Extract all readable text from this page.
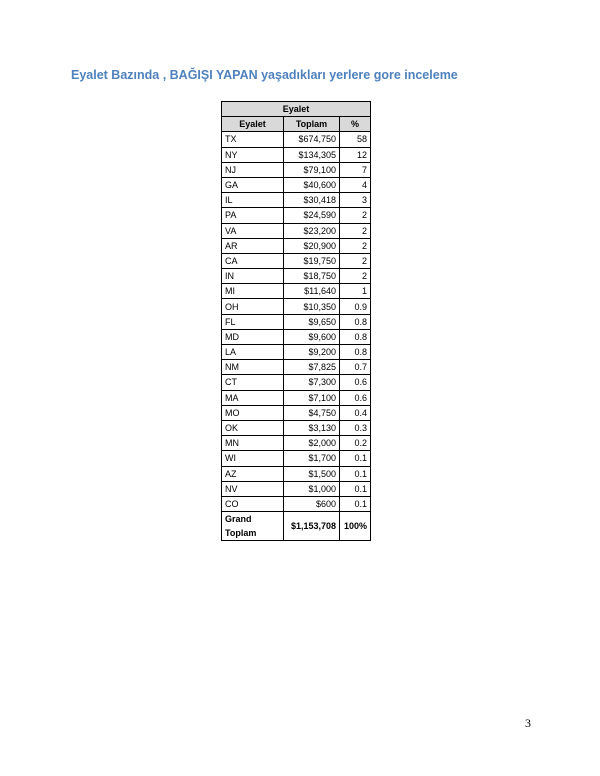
Eyalet Bazında , BAĞIŞI YAPAN yaşadıkları yerlere gore inceleme
Eyalet		
Eyalet	Toplam	%
TX	$674,750	58
NY	$134,305	12
NJ	$79,100	7
GA	$40,600	4
IL	$30,418	3
PA	$24,590	2
VA	$23,200	2
AR	$20,900	2
CA	$19,750	2
IN	$18,750	2
MI	$11,640	1
OH	$10,350	0.9
FL	$9,650	0.8
MD	$9,600	0.8
LA	$9,200	0.8
NM	$7,825	0.7
CT	$7,300	0.6
MA	$7,100	0.6
MO	$4,750	0.4
OK	$3,130	0.3
MN	$2,000	0.2
WI	$1,700	0.1
AZ	$1,500	0.1
NV	$1,000	0.1
CO	$600	0.1
Grand Toplam	$1,153,708	100%
3
